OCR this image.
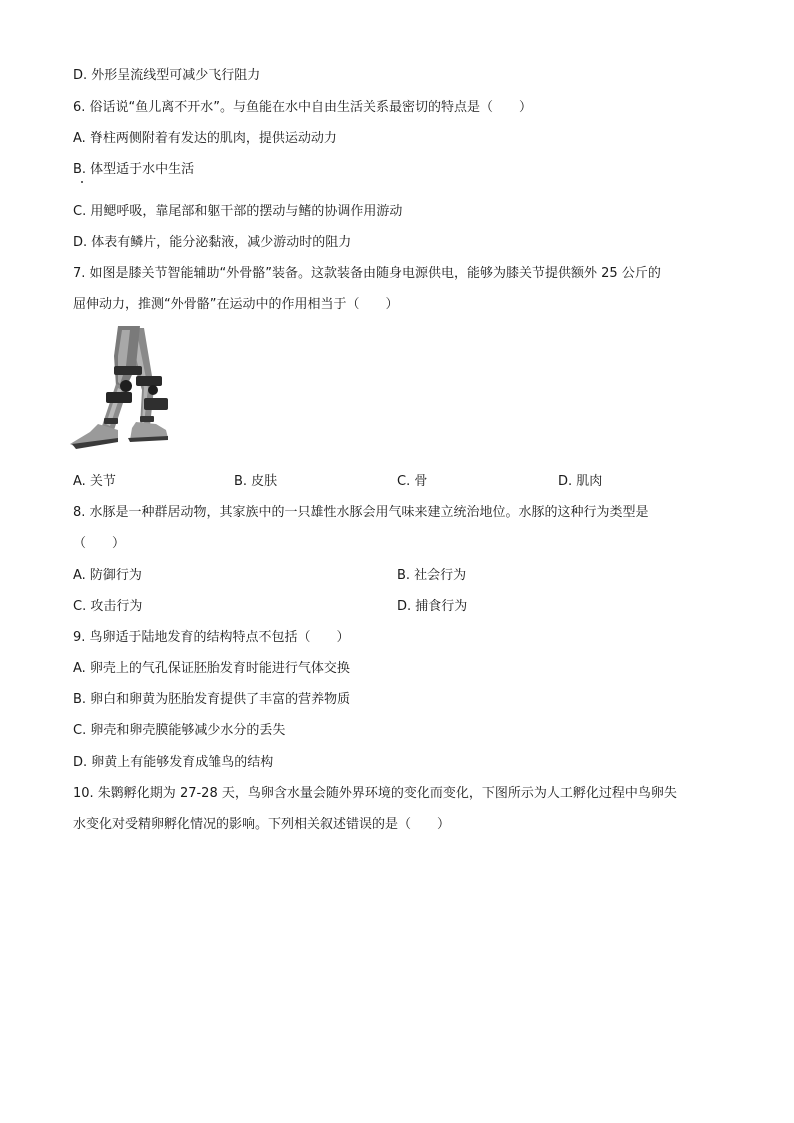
D. 外形呈流线型可减少飞行阻力
6. 俗话说“鱼儿离不开水”。与鱼能在水中自由生活关系最密切的特点是（　　）
A. 脊柱两侧附着有发达的肌肉，提供运动动力
B. 体型适于水中生活
C. 用鳃呼吸，靠尾部和躯干部的摆动与鳍的协调作用游动
D. 体表有鳞片，能分泌黏液，减少游动时的阻力
7. 如图是膝关节智能辅助“外骨骼”装备。这款装备由随身电源供电，能够为膝关节提供额外 25 公斤的
屈伸动力，推测“外骨骼”在运动中的作用相当于（　　）
A. 关节	B. 皮肤	C. 骨	D. 肌肉
8. 水豚是一种群居动物，其家族中的一只雄性水豚会用气味来建立统治地位。水豚的这种行为类型是
（　　）
A. 防御行为	B. 社会行为
C. 攻击行为	D. 捕食行为
9. 鸟卵适于陆地发育的结构特点不包括（　　）
A. 卵壳上的气孔保证胚胎发育时能进行气体交换
B. 卵白和卵黄为胚胎发育提供了丰富的营养物质
C. 卵壳和卵壳膜能够减少水分的丢失
D. 卵黄上有能够发育成雏鸟的结构
10. 朱鹮孵化期为 27-28 天，鸟卵含水量会随外界环境的变化而变化，下图所示为人工孵化过程中鸟卵失
水变化对受精卵孵化情况的影响。下列相关叙述错误的是（　　）
